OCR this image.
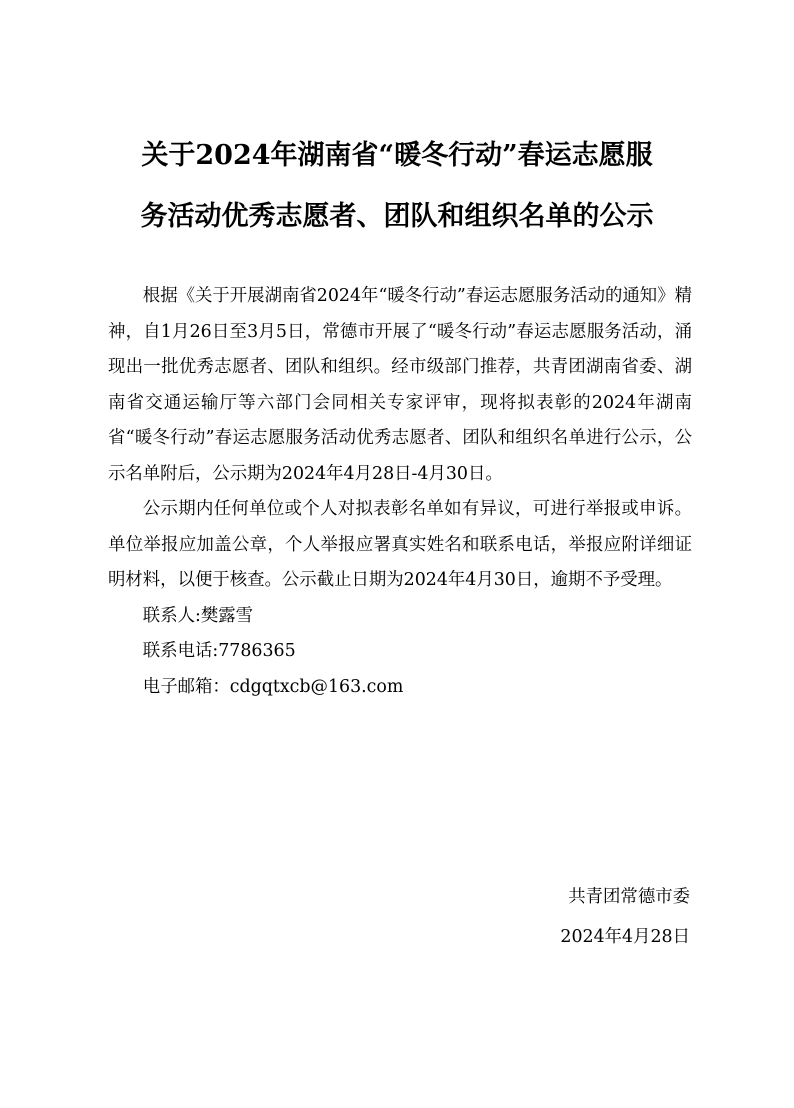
关于2024年湖南省“暖冬行动”春运志愿服
务活动优秀志愿者、团队和组织名单的公示

根据《关于开展湖南省2024年“暖冬行动”春运志愿服务活动的通知》精神，自1月26日至3月5日，常德市开展了“暖冬行动”春运志愿服务活动，涌现出一批优秀志愿者、团队和组织。经市级部门推荐，共青团湖南省委、湖南省交通运输厅等六部门会同相关专家评审，现将拟表彰的2024年湖南省“暖冬行动”春运志愿服务活动优秀志愿者、团队和组织名单进行公示，公示名单附后，公示期为2024年4月28日-4月30日。

公示期内任何单位或个人对拟表彰名单如有异议，可进行举报或申诉。单位举报应加盖公章，个人举报应署真实姓名和联系电话，举报应附详细证明材料，以便于核查。公示截止日期为2024年4月30日，逾期不予受理。

联系人:樊露雪

联系电话:7786365

电子邮箱：cdgqtxcb@163.com

共青团常德市委
2024年4月28日
